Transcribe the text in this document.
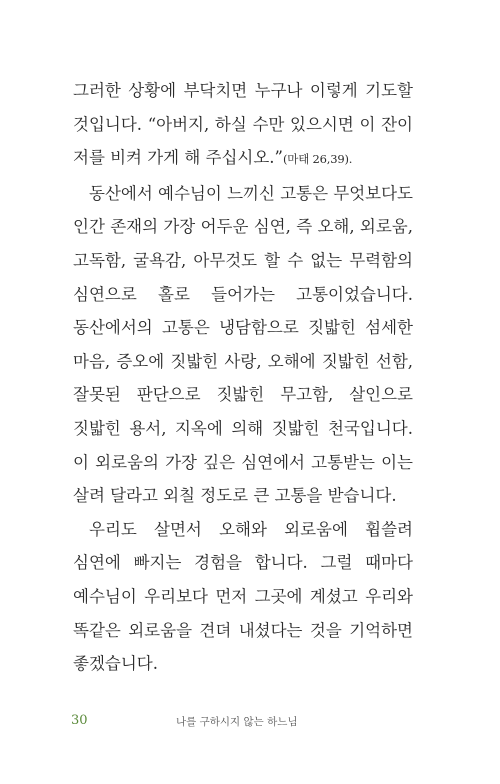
그러한 상황에 부닥치면 누구나 이렇게 기도할 것입니다. “아버지, 하실 수만 있으시면 이 잔이 저를 비켜 가게 해 주십시오.”(마태 26,39).

동산에서 예수님이 느끼신 고통은 무엇보다도 인간 존재의 가장 어두운 심연, 즉 오해, 외로움, 고독함, 굴욕감, 아무것도 할 수 없는 무력함의 심연으로 홀로 들어가는 고통이었습니다. 동산에서의 고통은 냉담함으로 짓밟힌 섬세한 마음, 증오에 짓밟힌 사랑, 오해에 짓밟힌 선함, 잘못된 판단으로 짓밟힌 무고함, 살인으로 짓밟힌 용서, 지옥에 의해 짓밟힌 천국입니다. 이 외로움의 가장 깊은 심연에서 고통받는 이는 살려 달라고 외칠 정도로 큰 고통을 받습니다.

우리도 살면서 오해와 외로움에 휩쓸려 심연에 빠지는 경험을 합니다. 그럴 때마다 예수님이 우리보다 먼저 그곳에 계셨고 우리와 똑같은 외로움을 견뎌 내셨다는 것을 기억하면 좋겠습니다.

30	나를 구하시지 않는 하느님
